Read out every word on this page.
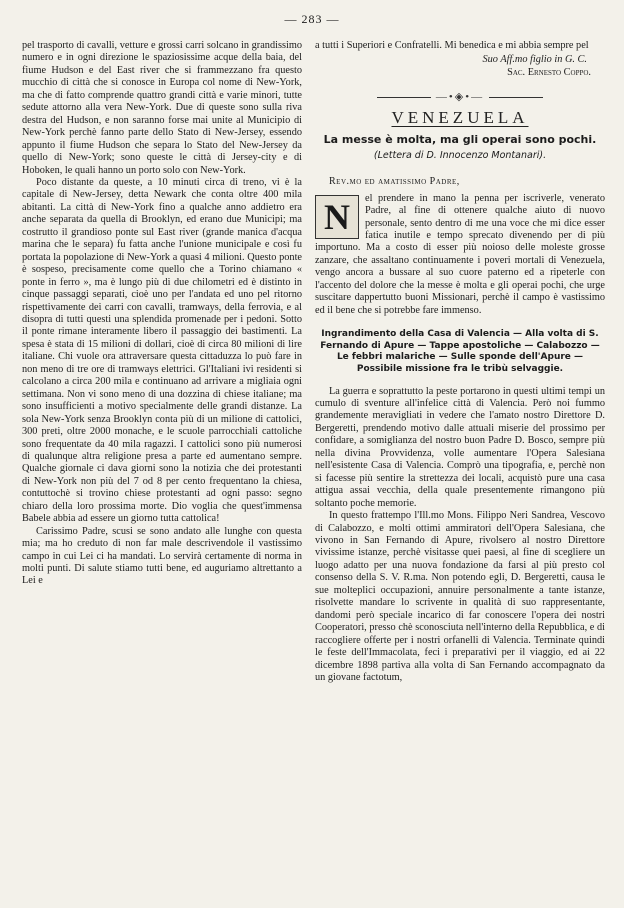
— 283 —

pel trasporto di cavalli, vetture e grossi carri solcano in grandissimo numero e in ogni direzione le spaziosissime acque della baia, del fiume Hudson e del East river che si frammezzano fra questo mucchio di città che si conosce in Europa col nome di New-York, ma che di fatto comprende quattro grandi città e varie minori, tutte sedute attorno alla vera New-York. Due di queste sono sulla riva destra del Hudson, e non saranno forse mai unite al Municipio di New-York perchè fanno parte dello Stato di New-Jersey, essendo appunto il fiume Hudson che separa lo Stato del New-Jersey da quello di New-York; sono queste le città di Jersey-city e di Hoboken, le quali hanno un porto solo con New-York.

Poco distante da queste, a 10 minuti circa di treno, vi è la capitale di New-Jersey, detta Newark che conta oltre 400 mila abitanti. La città di New-York fino a qualche anno addietro era anche separata da quella di Brooklyn, ed erano due Municipi; ma costrutto il grandioso ponte sul East river (grande manica d'acqua marina che le separa) fu fatta anche l'unione municipale e così fu portata la popolazione di New-York a quasi 4 milioni. Questo ponte è sospeso, precisamente come quello che a Torino chiamano « ponte in ferro », ma è lungo più di due chilometri ed è distinto in cinque passaggi separati, cioè uno per l'andata ed uno pel ritorno rispettivamente dei carri con cavalli, tramways, della ferrovia, e al disopra di tutti questi una splendida promenade per i pedoni. Sotto il ponte rimane interamente libero il passaggio dei bastimenti. La spesa è stata di 15 milioni di dollari, cioè di circa 80 milioni di lire italiane. Chi vuole ora attraversare questa cittaduzza lo può fare in non meno di tre ore di tramways elettrici. Gl'Italiani ivi residenti si calcolano a circa 200 mila e continuano ad arrivare a migliaia ogni settimana. Non vi sono meno di una dozzina di chiese italiane; ma sono insufficienti a motivo specialmente delle grandi distanze. La sola New-York senza Brooklyn conta più di un milione di cattolici, 300 preti, oltre 2000 monache, e le scuole parrocchiali cattoliche sono frequentate da 40 mila ragazzi. I cattolici sono più numerosi di qualunque altra religione presa a parte ed aumentano sempre. Qualche giornale ci dava giorni sono la notizia che dei protestanti di New-York non più del 7 od 8 per cento frequentano la chiesa, contuttochè si trovino chiese protestanti ad ogni passo: segno chiaro della loro prossima morte. Dio voglia che quest'immensa Babele abbia ad essere un giorno tutta cattolica!

Carissimo Padre, scusi se sono andato alle lunghe con questa mia; ma ho creduto di non far male descrivendole il vastissimo campo in cui Lei ci ha mandati. Lo servirà certamente di norma in molti punti. Di salute stiamo tutti bene, ed auguriamo altrettanto a Lei e

a tutti i Superiori e Confratelli. Mi benedica e mi abbia sempre pel

Suo Aff.mo figlio in G. C.
Sac. Ernesto Coppo.
—•◈•—
VENEZUELA
La messe è molta, ma gli operai sono pochi.
(Lettera di D. Innocenzo Montanari).
Rev.mo ed amatissimo Padre,
N	el prendere in mano la penna per iscriverle, venerato Padre, al fine di ottenere qualche aiuto di nuovo personale, sento dentro di me una voce che mi dice esser fatica inutile e tempo sprecato divenendo per di più importuno. Ma a costo di esser più noioso delle moleste grosse zanzare, che assaltano continuamente i poveri mortali di Venezuela, vengo ancora a bussare al suo cuore paterno ed a ripeterle con l'accento del dolore che la messe è molta e gli operai pochi, che urge suscitare dappertutto buoni Missionari, perchè il campo è vastissimo ed il bene che si potrebbe fare immenso.

Ingrandimento della Casa di Valencia — Alla volta di S. Fernando di Apure — Tappe apostoliche — Calabozzo — Le febbri malariche — Sulle sponde dell'Apure — Possibile missione fra le tribù selvaggie.

La guerra e soprattutto la peste portarono in questi ultimi tempi un cumulo di sventure all'infelice città di Valencia. Però noi fummo grandemente meravigliati in vedere che l'amato nostro Direttore D. Bergeretti, prendendo motivo dalle attuali miserie del prossimo per confidare, a somiglianza del nostro buon Padre D. Bosco, sempre più nella divina Provvidenza, volle aumentare l'Opera Salesiana nell'esistente Casa di Valencia. Comprò una tipografia, e, perchè non si facesse più sentire la strettezza dei locali, acquistò pure una casa attigua assai vecchia, della quale presentemente rimangono più soltanto poche memorie.

In questo frattempo l'Ill.mo Mons. Filippo Neri Sandrea, Vescovo di Calabozzo, e molti ottimi ammiratori dell'Opera Salesiana, che vivono in San Fernando di Apure, rivolsero al nostro Direttore vivissime istanze, perchè visitasse quei paesi, al fine di scegliere un luogo adatto per una nuova fondazione da farsi al più presto col consenso della S. V. R.ma. Non potendo egli, D. Bergeretti, causa le sue molteplici occupazioni, annuire personalmente a tante istanze, risolvette mandare lo scrivente in qualità di suo rappresentante, dandomi però speciale incarico di far conoscere l'opera dei nostri Cooperatori, presso chè sconosciuta nell'interno della Repubblica, e di raccogliere offerte per i nostri orfanelli di Valencia. Terminate quindi le feste dell'Immacolata, feci i preparativi per il viaggio, ed ai 22 dicembre 1898 partiva alla volta di San Fernando accompagnato da un giovane factotum,
